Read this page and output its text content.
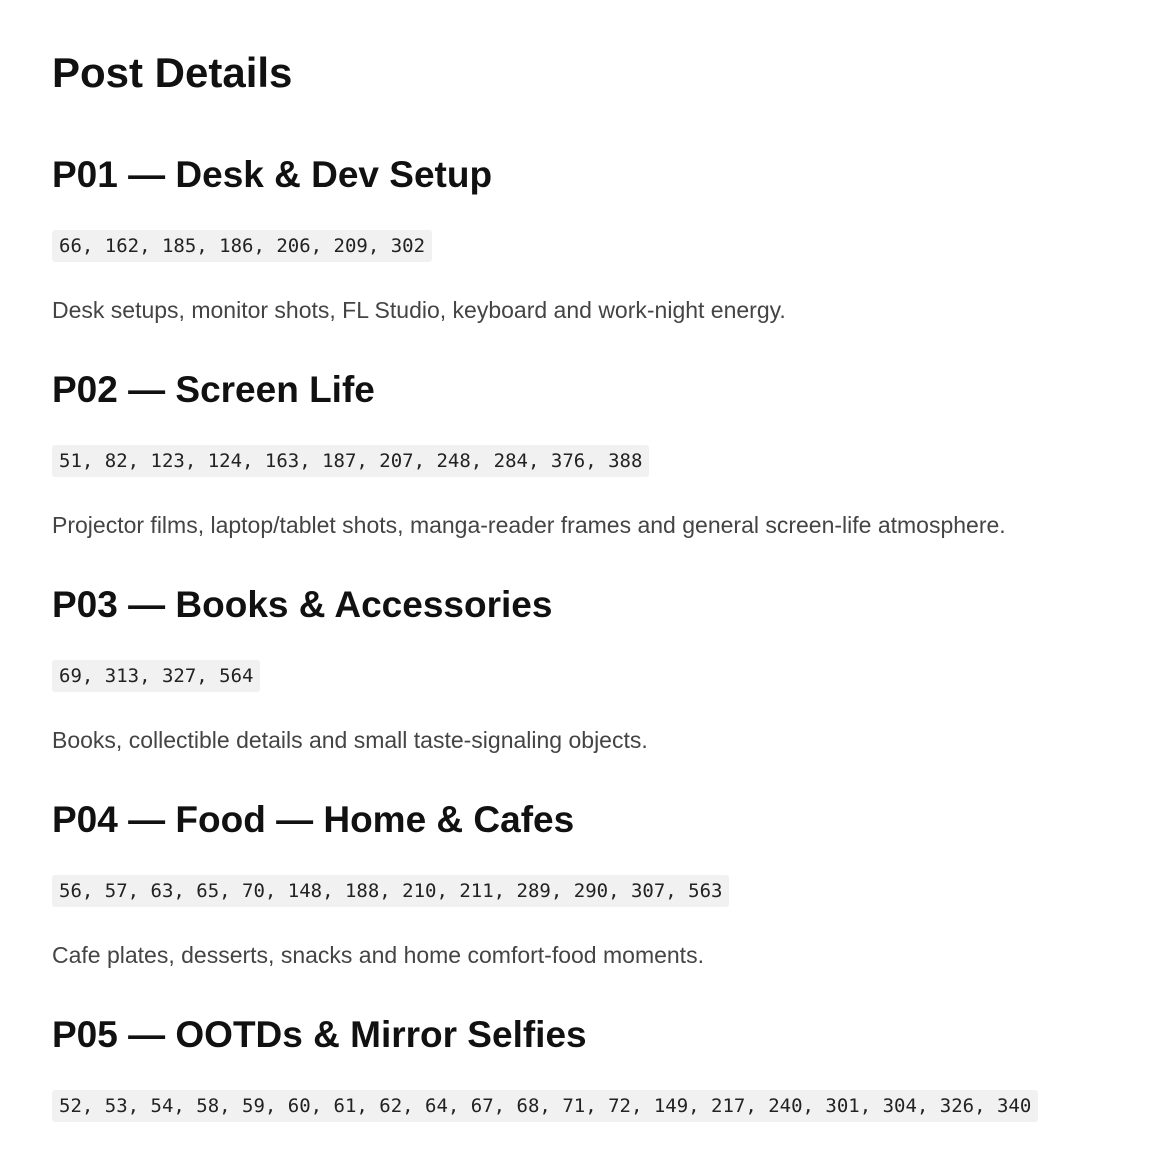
Post Details
P01 — Desk & Dev Setup
66, 162, 185, 186, 206, 209, 302

Desk setups, monitor shots, FL Studio, keyboard and work-night energy.

P02 — Screen Life
51, 82, 123, 124, 163, 187, 207, 248, 284, 376, 388

Projector films, laptop/tablet shots, manga-reader frames and general screen-life atmosphere.

P03 — Books & Accessories
69, 313, 327, 564

Books, collectible details and small taste-signaling objects.

P04 — Food — Home & Cafes
56, 57, 63, 65, 70, 148, 188, 210, 211, 289, 290, 307, 563

Cafe plates, desserts, snacks and home comfort-food moments.

P05 — OOTDs & Mirror Selfies
52, 53, 54, 58, 59, 60, 61, 62, 64, 67, 68, 71, 72, 149, 217, 240, 301, 304, 326, 340
